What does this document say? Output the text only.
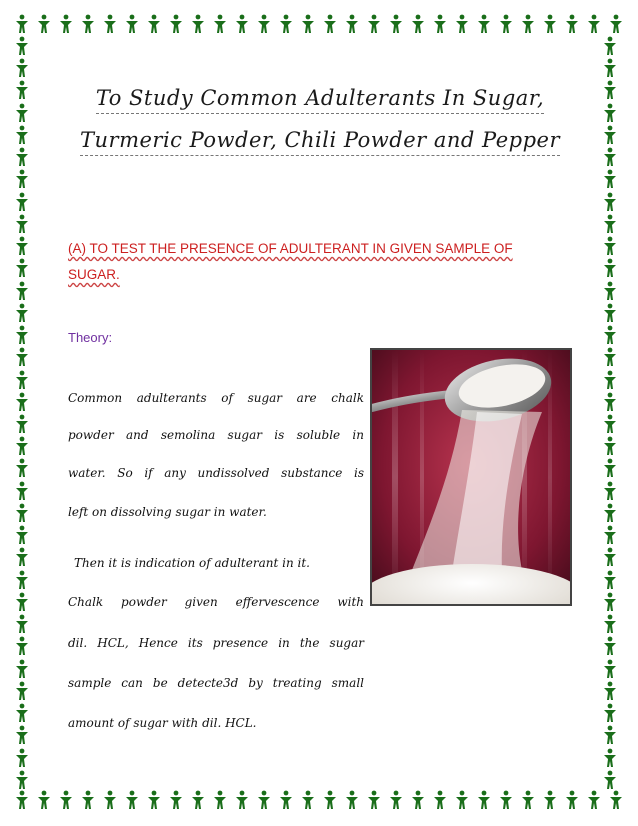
To Study Common Adulterants In Sugar,
Turmeric Powder, Chili Powder and Pepper
(A) TO TEST THE PRESENCE OF ADULTERANT IN GIVEN SAMPLE OF
SUGAR.
Theory:
Common adulterants of sugar are chalk
powder and semolina sugar is soluble in
water. So if any undissolved substance is
left on dissolving sugar in water.
Then it is indication of adulterant in it.
Chalk powder given effervescence with
dil. HCL, Hence its presence in the sugar
sample can be detecte3d by treating small
amount of sugar with dil. HCL.
